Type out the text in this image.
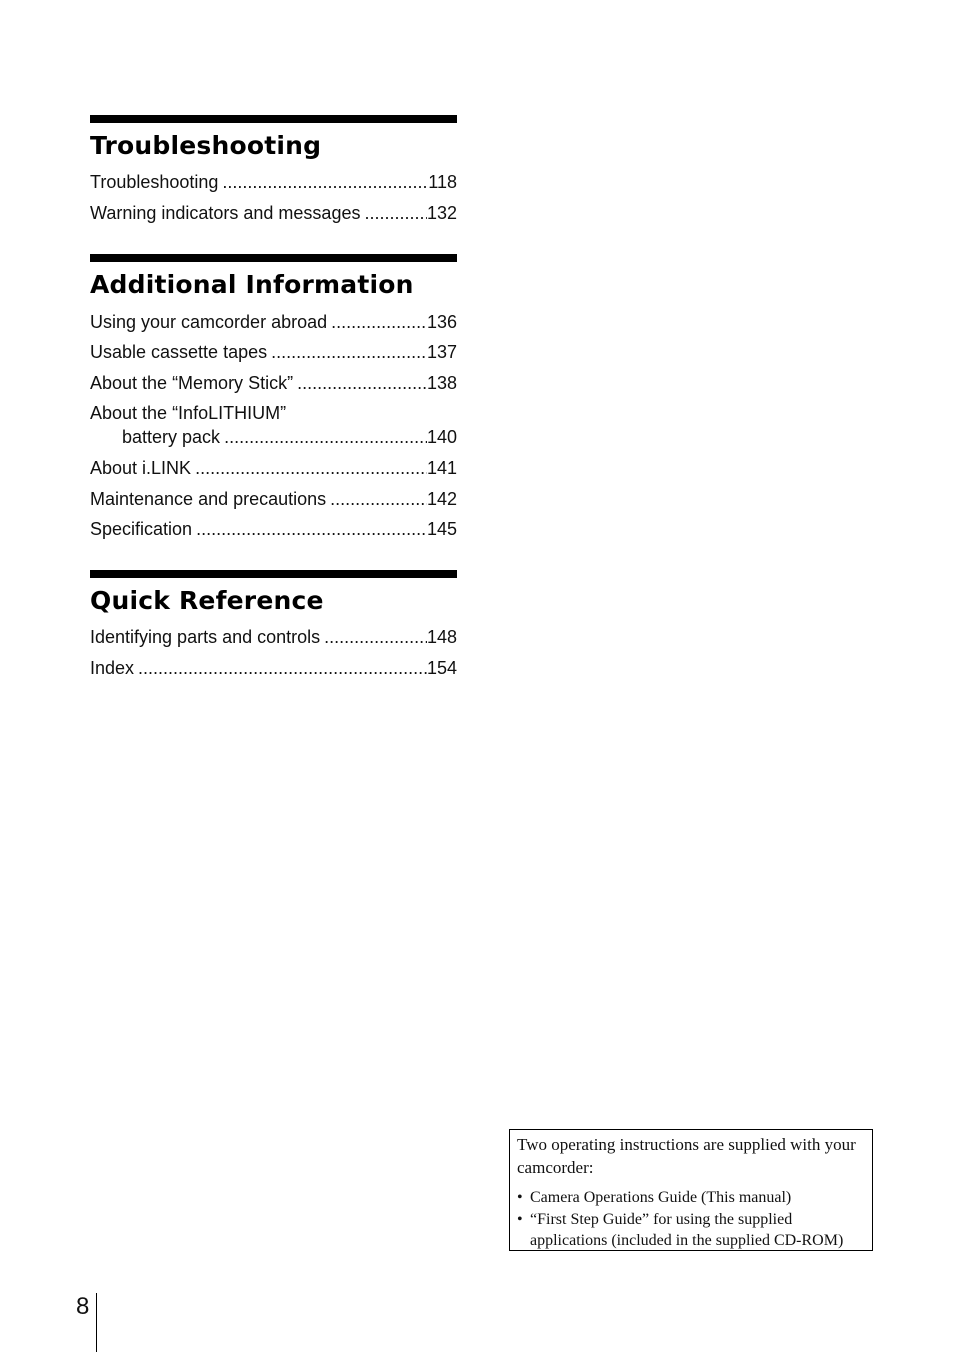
Troubleshooting
Troubleshooting .....	118
Warning indicators and messages .....	132
Additional Information
Using your camcorder abroad .....	136
Usable cassette tapes .....	137
About the “Memory Stick” .....	138
About the “InfoLITHIUM”
battery pack .....	140
About i.LINK .....	141
Maintenance and precautions .....	142
Specification .....	145
Quick Reference
Identifying parts and controls .....	148
Index .....	154

Two operating instructions are supplied with your camcorder:

• Camera Operations Guide (This manual)
• “First Step Guide” for using the supplied applications (included in the supplied CD-ROM)
8
